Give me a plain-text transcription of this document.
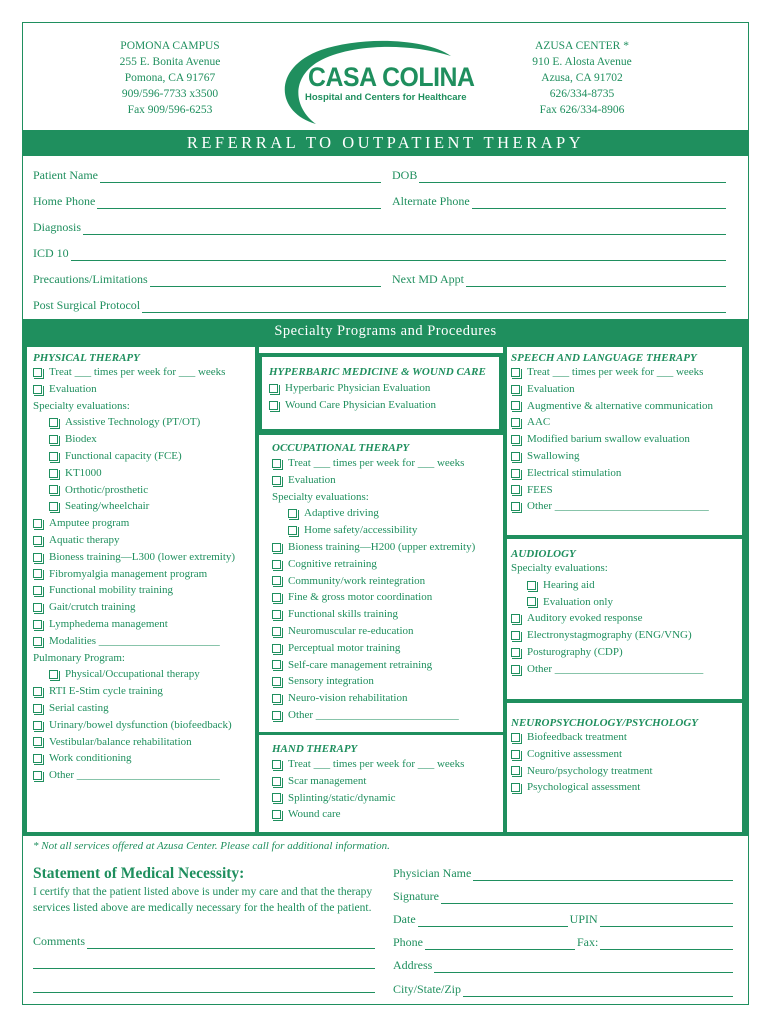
POMONA CAMPUS
255 E. Bonita Avenue
Pomona, CA 91767
909/596-7733 x3500
Fax 909/596-6253
CASA COLINA
Hospital and Centers for Healthcare
AZUSA CENTER *
910 E. Alosta Avenue
Azusa, CA 91702
626/334-8735
Fax 626/334-8906
REFERRAL TO OUTPATIENT THERAPY
Patient Name	DOB
Home Phone	Alternate Phone
Diagnosis
ICD 10
Precautions/Limitations	Next MD Appt
Post Surgical Protocol
Specialty Programs and Procedures
PHYSICAL THERAPY
Treat ___ times per week for ___ weeks
Evaluation
Specialty evaluations:
Assistive Technology (PT/OT)
Biodex
Functional capacity (FCE)
KT1000
Orthotic/prosthetic
Seating/wheelchair
Amputee program
Aquatic therapy
Bioness training—L300 (lower extremity)
Fibromyalgia management program
Functional mobility training
Gait/crutch training
Lymphedema management
Modalities ______________________
Pulmonary Program:
Physical/Occupational therapy
RTI E-Stim cycle training
Serial casting
Urinary/bowel dysfunction (biofeedback)
Vestibular/balance rehabilitation
Work conditioning
Other __________________________
HYPERBARIC MEDICINE & WOUND CARE
Hyperbaric Physician Evaluation
Wound Care Physician Evaluation
OCCUPATIONAL THERAPY
Treat ___ times per week for ___ weeks
Evaluation
Specialty evaluations:
Adaptive driving
Home safety/accessibility
Bioness training—H200 (upper extremity)
Cognitive retraining
Community/work reintegration
Fine & gross motor coordination
Functional skills training
Neuromuscular re-education
Perceptual motor training
Self-care management retraining
Sensory integration
Neuro-vision rehabilitation
Other __________________________
HAND THERAPY
Treat ___ times per week for ___ weeks
Scar management
Splinting/static/dynamic
Wound care
SPEECH AND LANGUAGE THERAPY
Treat ___ times per week for ___ weeks
Evaluation
Augmentive & alternative communication
AAC
Modified barium swallow evaluation
Swallowing
Electrical stimulation
FEES
Other ____________________________
AUDIOLOGY
Specialty evaluations:
Hearing aid
Evaluation only
Auditory evoked response
Electronystagmography (ENG/VNG)
Posturography (CDP)
Other ___________________________
NEUROPSYCHOLOGY/PSYCHOLOGY
Biofeedback treatment
Cognitive assessment
Neuro/psychology treatment
Psychological assessment
* Not all services offered at Azusa Center. Please call for additional information.
Statement of Medical Necessity:
I certify that the patient listed above is under my care and that the therapy services listed above are medically necessary for the health of the patient.
Comments
Physician Name
Signature
Date	UPIN
Phone	Fax:
Address
City/State/Zip
